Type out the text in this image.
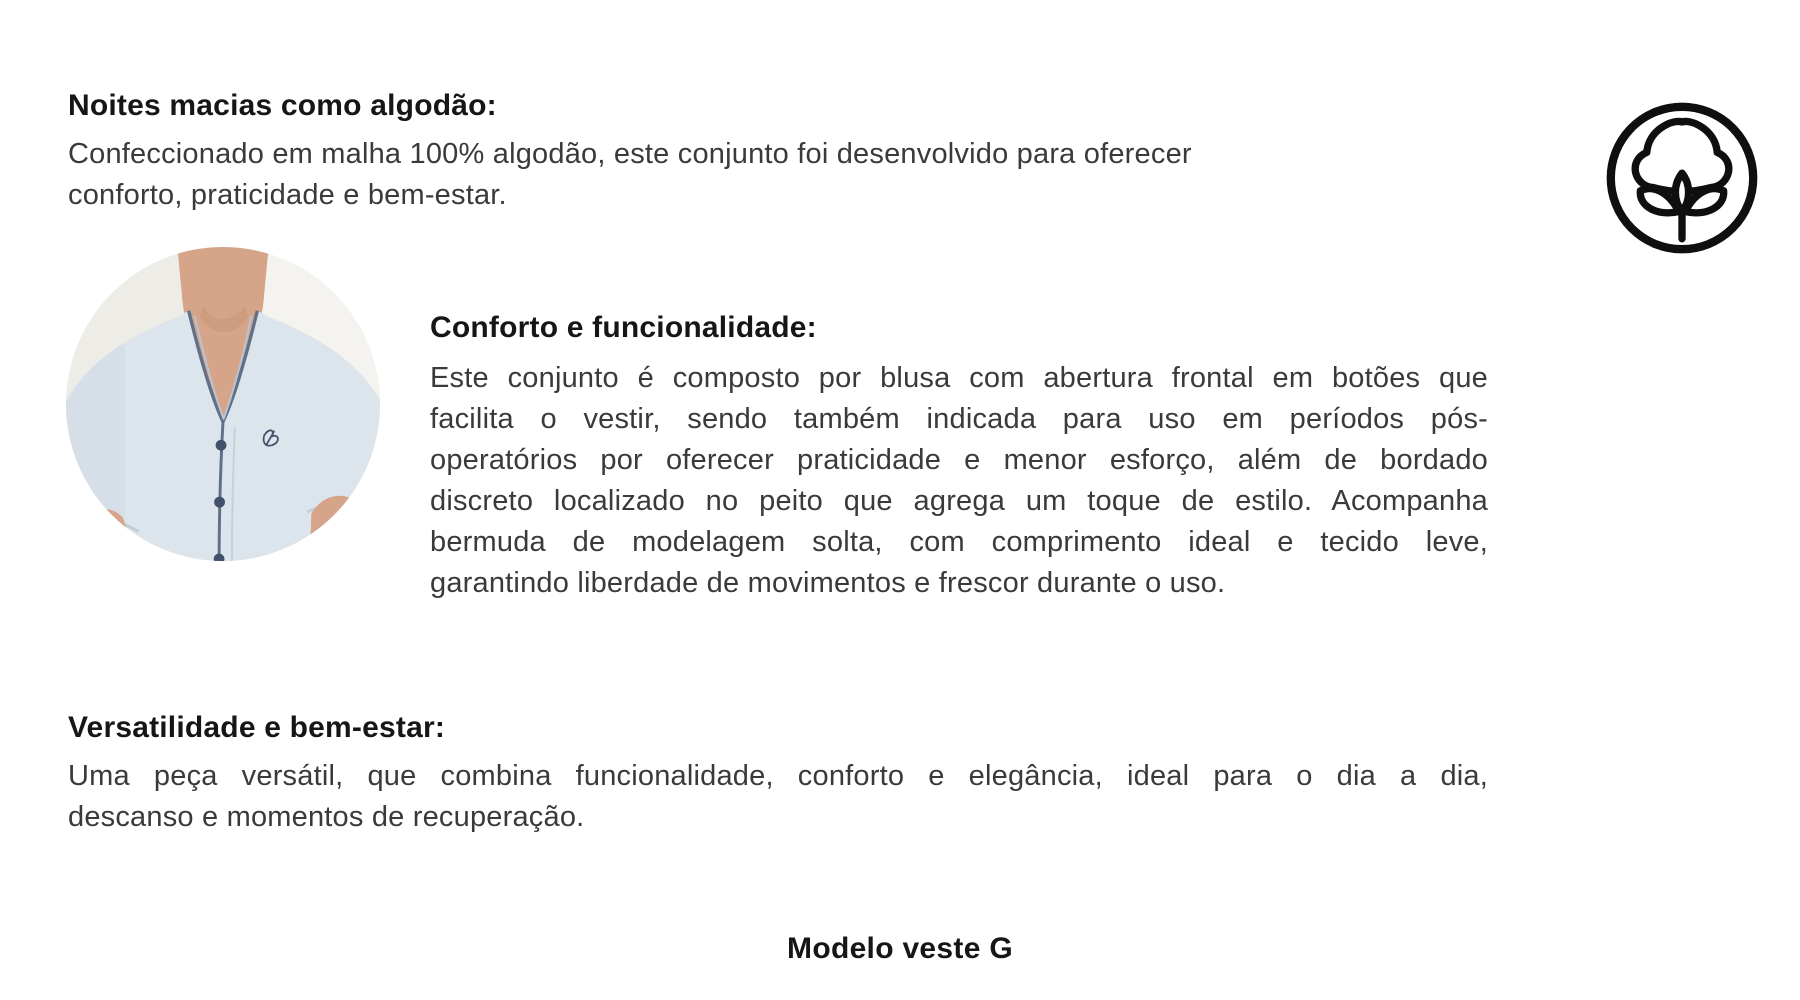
Noites macias como algodão:
Confeccionado em malha 100% algodão, este conjunto foi desenvolvido para oferecer
conforto, praticidade e bem-estar.
Conforto e funcionalidade:
Este conjunto é composto por blusa com abertura frontal em botões que
facilita o vestir, sendo também indicada para uso em períodos pós-
operatórios por oferecer praticidade e menor esforço, além de bordado
discreto localizado no peito que agrega um toque de estilo. Acompanha
bermuda de modelagem solta, com comprimento ideal e tecido leve,
garantindo liberdade de movimentos e frescor durante o uso.
Versatilidade e bem-estar:
Uma peça versátil, que combina funcionalidade, conforto e elegância, ideal para o dia a dia,
descanso e momentos de recuperação.
Modelo veste G
